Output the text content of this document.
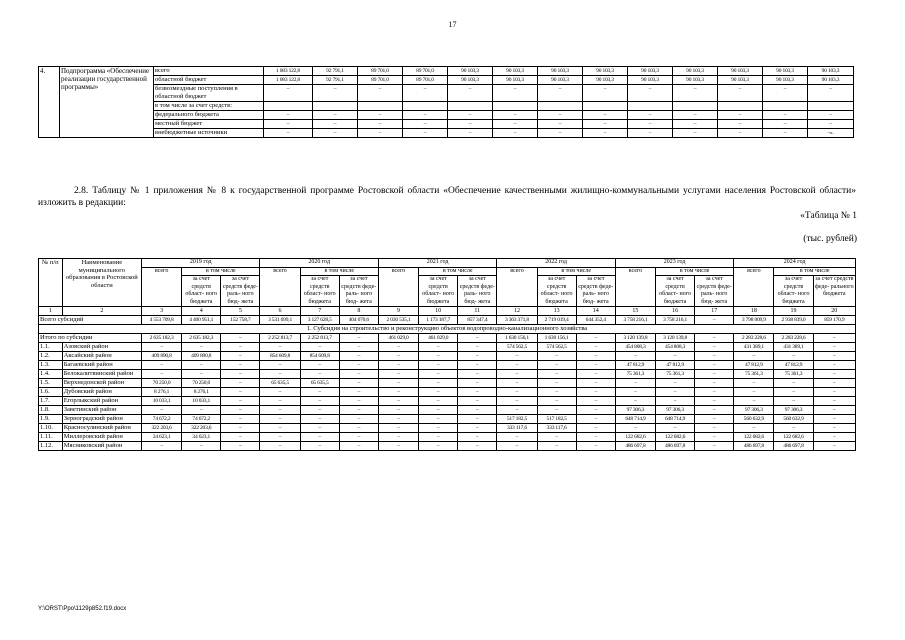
17
4.	Подпрограмма «Обеспечение реализации государственной программы»	всего	1 083 122,8	92 791,1	89 701,0	89 701,0	90 103,3	90 103,3	90 103,3	90 103,3	90 103,3	90 103,3	90 103,3	90 103,3	90 103,3
		областной бюджет	1 083 122,8	92 791,1	89 701,0	89 701,0	90 103,3	90 103,3	90 103,3	90 103,3	90 103,3	90 103,3	90 103,3	90 103,3	90 103,3
		безвозмездные поступления в областной бюджет	–	–	–	–	–	–	–	–	–	–	–	–	–
		в том числе за счет средств:													
		федерального бюджета	–	–	–	–	–	–	–	–	–	–	–	–	–
		местный бюджет	–	–	–	–	–	–	–	–	–	–	–	–	–
		внебюджетные источники	–	–	–	–	–	–	–	–	–	–	–	–	–».
2.8. Таблицу № 1 приложения № 8 к государственной программе Ростовской области «Обеспечение качественными жилищно-коммунальными услугами населения Ростовской области» изложить в редакции:
«Таблица № 1
(тыс. рублей)
№ п/п	Наименование муниципального образования в Ростовской области	2019 год			2020 год			2021 год			2022 год			2023 год			2024 год		
		всего	в том числе		всего	в том числе		всего	в том числе		всего	в том числе		всего	в том числе		всего	в том числе	
			за счет средств област- ного бюджета	за счет средств феде- раль- ного бюд- жета		за счет средств област- ного бюджета	за счет средств феде- раль- ного бюд- жета		за счет средств област- ного бюджета	за счет средств феде- раль- ного бюд- жета		за счет средств област- ного бюджета	за счет средств феде- раль- ного бюд- жета		за счет средств област- ного бюджета	за счет средств феде- раль- ного бюд- жета		за счет средств област- ного бюджета	за счет средств феде- рального бюджета
1	2	3	4	5	6	7	8	9	10	11	12	13	14	15	16	17	18	19	20
Всего субсидий		4 553 709,8	4 400 951,1	152 758,7	3 531 699,1	3 127 628,5	404 070,6	2 030 535,1	1 173 187,7	857 347,4	3 363 371,8	2 719 019,4	644 352,4	3 758 216,1	3 758 216,1	–	3 798 009,9	2 938 839,0	859 170,9
1. Субсидия на строительство и реконструкцию объектов водопроводно-канализационного хозяйства																			
Итого по субсидии		2 635 182,3	2 635 182,3	–	2 252 813,7	2 252 813,7	–	461 029,0	461 029,0	–	1 630 156,1	1 630 156,1	–	3 120 139,8	3 120 139,8	–	2 283 228,6	2 283 228,6	–
1.1.	Азовский район	–	–	–	–	–	–	–	–	–	574 562,5	574 562,5	–	454 808,3	454 808,3	–	431 389,1	431 389,1	–
1.2.	Аксайский район	409 890,8	409 890,8	–	854 609,8	854 609,8	–	–	–	–	–	–	–	–	–	–	–	–	–
1.3.	Багаевский район	–	–	–	–	–	–	–	–	–	–	–	–	47 812,9	47 812,9	–	47 812,9	47 812,9	–
1.4.	Белокалитвинский район	–	–	–	–	–	–	–	–	–	–	–	–	75 361,3	75 361,3	–	75 361,3	75 361,3	–
1.5.	Верхнедонской район	70 250,0	70 250,0	–	65 635,5	65 635,5	–	–	–	–	–	–	–	–	–	–	–	–	–
1.6.	Дубовский район	8 276,1	8 276,1	–	–	–	–	–	–	–	–	–	–	–	–	–	–	–	–
1.7.	Егорлыкский район	10 033,1	10 033,1	–	–	–	–	–	–	–	–	–	–	–	–	–	–	–	–
1.8.	Заветинский район	–	–	–	–	–	–	–	–	–	–	–	–	97 306,3	97 306,3	–	97 306,3	97 306,3	–
1.9.	Зерноградский район	74 672,2	74 672,2	–	–	–	–	–	–	–	517 182,5	517 182,5	–	648 714,9	648 714,9	–	560 632,9	560 632,9	–
1.10.	Красносулинский район	322 203,6	322 203,6	–	–	–	–	–	–	–	333 117,6	333 117,6	–	–	–	–	–	–	–
1.11.	Миллеровский район	34 623,1	34 623,1	–	–	–	–	–	–	–	–	–	–	122 682,6	122 682,6	–	122 682,6	122 682,6	–
1.12.	Мясниковский район	–	–	–	–	–	–	–	–	–	–	–	–	486 697,8	486 697,8	–	486 697,8	486 697,8	–
Y:\ORST\Ppo\1129p852.f19.docx
